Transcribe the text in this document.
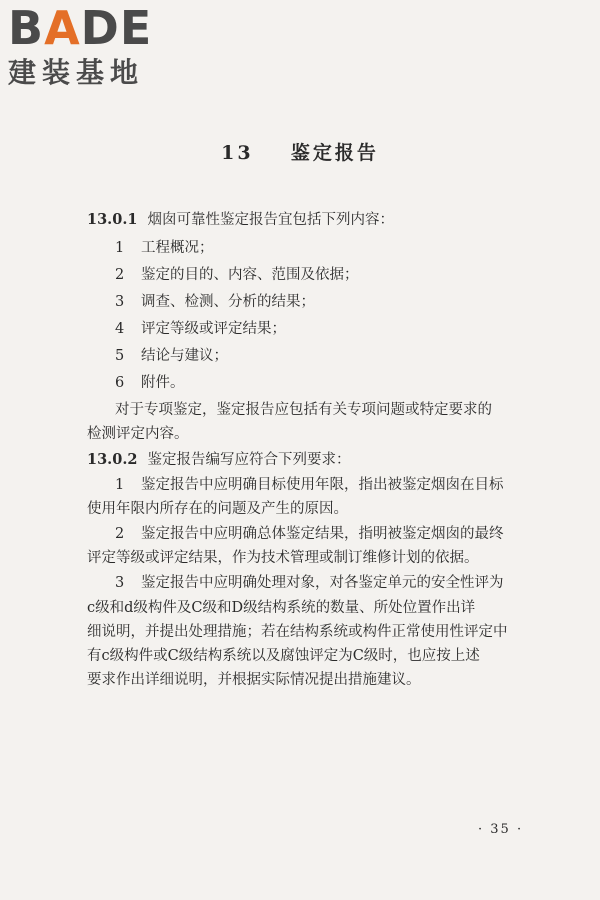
BADE
建装基地
13 鉴定报告
13.0.1 烟囱可靠性鉴定报告宜包括下列内容：
1 工程概况；
2 鉴定的目的、内容、范围及依据；
3 调查、检测、分析的结果；
4 评定等级或评定结果；
5 结论与建议；
6 附件。
对于专项鉴定，鉴定报告应包括有关专项问题或特定要求的
检测评定内容。
13.0.2 鉴定报告编写应符合下列要求：
1 鉴定报告中应明确目标使用年限，指出被鉴定烟囱在目标
使用年限内所存在的问题及产生的原因。
2 鉴定报告中应明确总体鉴定结果，指明被鉴定烟囱的最终
评定等级或评定结果，作为技术管理或制订维修计划的依据。
3 鉴定报告中应明确处理对象，对各鉴定单元的安全性评为
c级和d级构件及C级和D级结构系统的数量、所处位置作出详
细说明，并提出处理措施；若在结构系统或构件正常使用性评定中
有c级构件或C级结构系统以及腐蚀评定为C级时，也应按上述
要求作出详细说明，并根据实际情况提出措施建议。
· 35 ·
